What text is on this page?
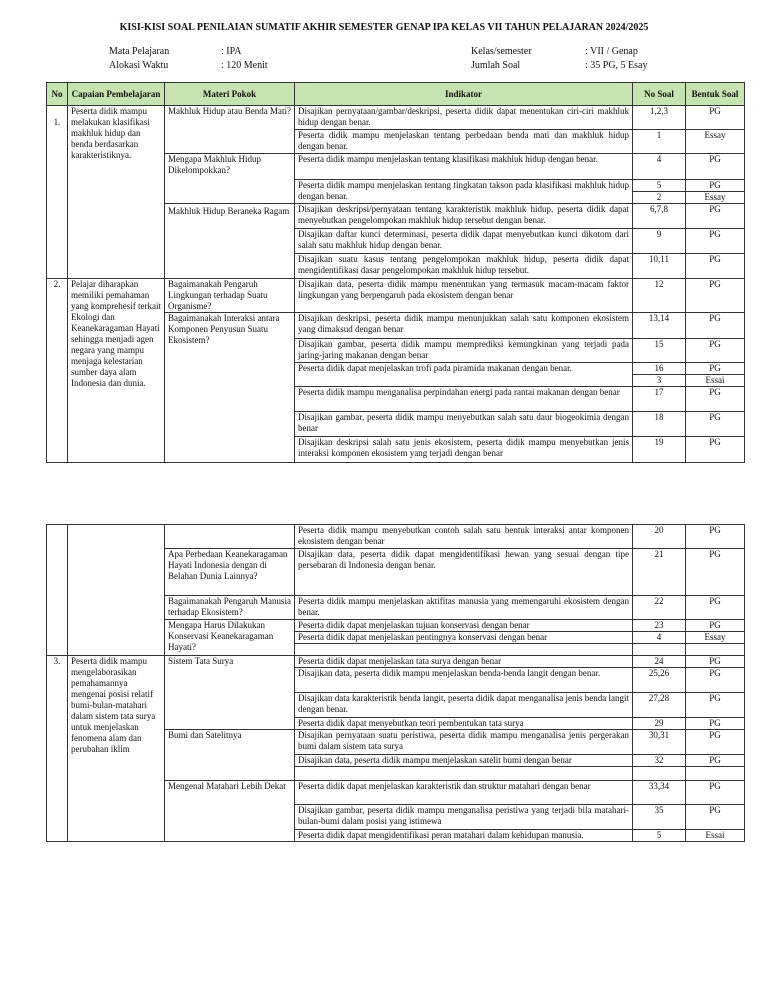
KISI-KISI SOAL PENILAIAN SUMATIF AKHIR SEMESTER GENAP IPA KELAS VII TAHUN PELAJARAN 2024/2025
Mata Pelajaran	: IPA
Alokasi Waktu	: 120 Menit
Kelas/semester	: VII / Genap
Jumlah Soal	: 35 PG, 5 Esay
No	Capaian Pembelajaran	Materi Pokok	Indikator	No Soal	Bentuk Soal
1.	Peserta didik mampu melakukan klasifikasi makhluk hidup dan benda berdasarkan karakteristiknya.	Makhluk Hidup atau Benda Mati?	Disajikan pernyataan/gambar/deskripsi, peserta didik dapat menentukan ciri-ciri makhluk hidup dengan benar.	1,2,3	PG
			Peserta didik mampu menjelaskan tentang perbedaan benda mati dan makhluk hidup dengan benar.	1	Essay
		Mengapa Makhluk Hidup Dikelompokkan?	Peserta didik mampu menjelaskan tentang klasifikasi makhluk hidup dengan benar.	4	PG
			Peserta didik mampu menjelaskan tentang tingkatan takson pada klasifikasi makhluk hidup dengan benar.	5	PG
				2	Essay
		Makhluk Hidup Beraneka Ragam	Disajikan deskripsi/pernyataan tentang karakteristik makhluk hidup, peserta didik dapat menyebutkan pengelompokan makhluk hidup tersebut dengan benar.	6,7,8	PG
			Disajikan daftar kunci determinasi, peserta didik dapat menyebutkan kunci dikotom dari salah satu makhluk hidup dengan benar.	9	PG
			Disajikan suatu kasus tentang pengelompokan makhluk hidup, peserta didik dapat mengidentifikasi dasar pengelompokan makhluk hidup tersebut.	10,11	PG
2.	Pelajar diharapkan memiliki pemahaman yang komprehesif terkait Ekologi dan Keanekaragaman Hayati sehingga menjadi agen negara yang mampu menjaga kelestarian sumber daya alam Indonesia dan dunia.	Bagaimanakah Pengaruh Lingkungan terhadap Suatu Organisme?	Disajikan data, peserta didik mampu menentukan yang termasuk macam-macam faktor lingkungan yang berpengaruh pada ekosistem dengan benar	12	PG
		Bagaimanakah Interaksi antara Komponen Penyusun Suatu Ekosistem?	Disajikan deskripsi, peserta didik mampu menunjukkan salah satu komponen ekosistem yang dimaksud dengan benar	13,14	PG
			Disajikan gambar, peserta didik mampu memprediksi kemungkinan yang terjadi pada jaring-jaring makanan dengan benar	15	PG
			Peserta didik dapat menjelaskan trofi pada piramida makanan dengan benar.	16	PG
				3	Essai
			Peserta didik mampu menganalisa perpindahan energi pada rantai makanan dengan benar	17	PG
			Disajikan gambar, peserta didik mampu menyebutkan salah satu daur biogeokimia dengan benar	18	PG
			Disajikan deskripsi salah satu jenis ekosistem, peserta didik mampu menyebutkan jenis interaksi komponen ekosistem yang terjadi dengan benar	19	PG
			Peserta didik mampu menyebutkan contoh salah satu bentuk interaksi antar komponen ekosistem dengan benar	20	PG
		Apa Perbedaan Keanekaragaman Hayati Indonesia dengan di Belahan Dunia Lainnya?	Disajikan data, peserta didik dapat mengidentifikasi hewan yang sesuai dengan tipe persebaran di Indonesia dengan benar.	21	PG
		Bagaimanakah Pengaruh Manusia terhadap Ekosistem?	Peserta didik mampu menjelaskan aktifitas manusia yang memengaruhi ekosistem dengan benar.	22	PG
		Mengapa Harus Dilakukan Konservasi Keanekaragaman Hayati?	Peserta didik dapat menjelaskan tujuan konservasi dengan benar	23	PG
			Peserta didik dapat menjelaskan pentingnya konservasi dengan benar	4	Essay

3.	Peserta didik mampu mengelaborasikan pemahamannya mengenai posisi relatif bumi-bulan-matahari dalam sistem tata surya untuk menjelaskan fenomena alam dan perubahan iklim	Sistem Tata Surya	Peserta didik dapat menjelaskan tata surya dengan benar	24	PG
			Disajikan data, peserta didik mampu menjelaskan benda-benda langit dengan benar.	25,26	PG
			Disajikan data karakteristik benda langit, peserta didik dapat menganalisa jenis benda langit dengan benar.	27,28	PG
			Peserta didik dapat menyebutkan teori pembentukan tata surya	29	PG
		Bumi dan Satelitnya	Disajikan pernyataan suatu peristiwa, peserta didik mampu menganalisa jenis pergerakan bumi dalam sistem tata surya	30,31	PG
			Disajikan data, peserta didik mampu menjelaskan satelit bumi dengan benar	32	PG

		Mengenal Matahari Lebih Dekat	Peserta didik dapat menjelaskan karakteristik dan struktur matahari dengan benar	33,34	PG
			Disajikan gambar, peserta didik mampu menganalisa peristiwa yang terjadi bila matahari-bulan-bumi dalam posisi yang istimewa	35	PG
			Peserta didik dapat mengidentifikasi peran matahari dalam kehidupan manusia.	5	Essai
